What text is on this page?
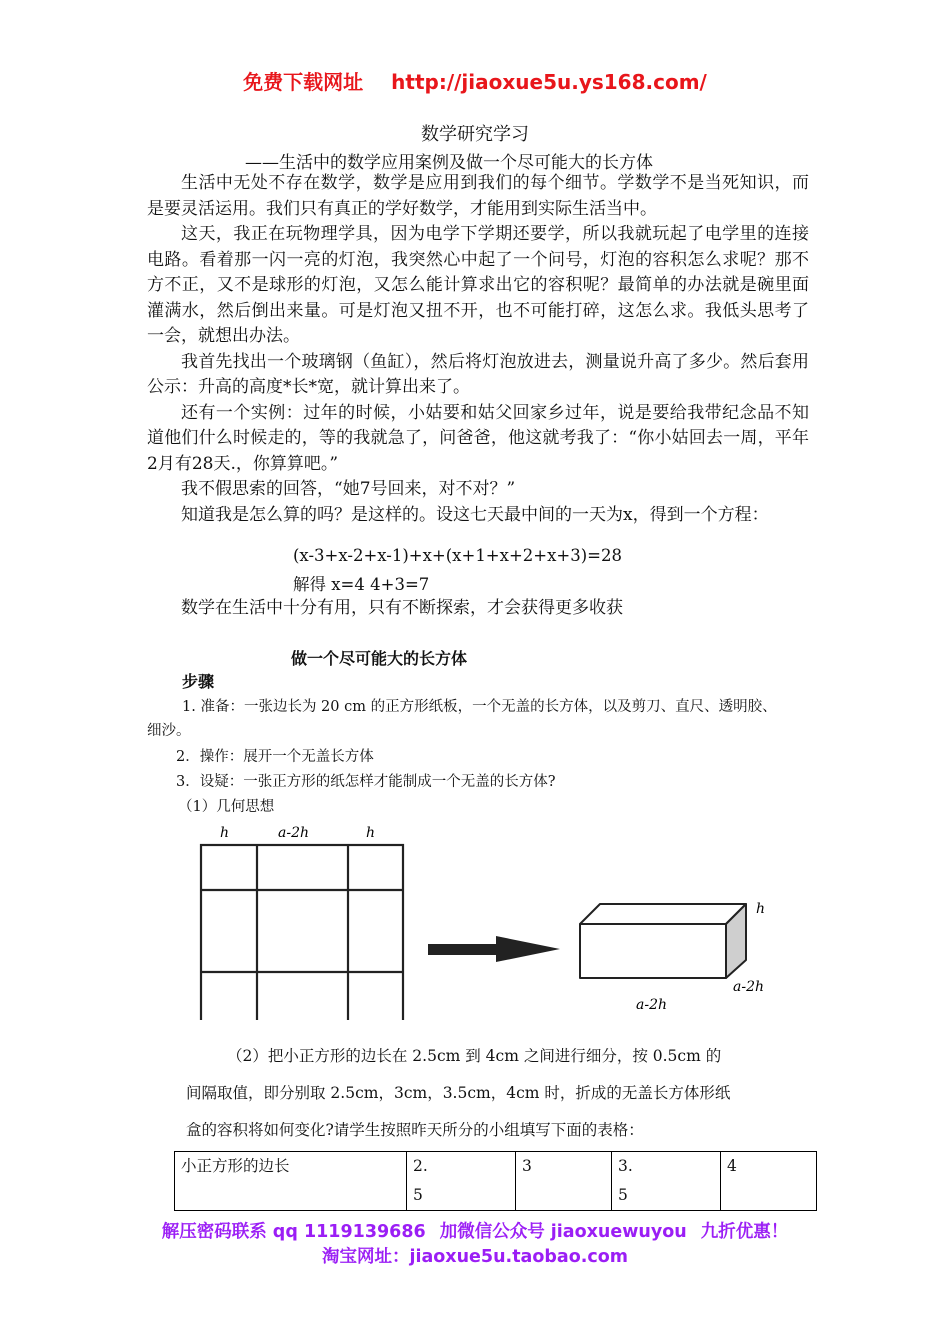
免费下载网址 http://jiaoxue5u.ys168.com/
数学研究学习
——生活中的数学应用案例及做一个尽可能大的长方体

生活中无处不存在数学，数学是应用到我们的每个细节。学数学不是当死知识，而是要灵活运用。我们只有真正的学好数学，才能用到实际生活当中。

这天，我正在玩物理学具，因为电学下学期还要学，所以我就玩起了电学里的连接电路。看着那一闪一亮的灯泡，我突然心中起了一个问号，灯泡的容积怎么求呢？那不方不正，又不是球形的灯泡，又怎么能计算求出它的容积呢？最简单的办法就是碗里面灌满水，然后倒出来量。可是灯泡又扭不开，也不可能打碎，这怎么求。我低头思考了一会，就想出办法。

我首先找出一个玻璃钢（鱼缸），然后将灯泡放进去，测量说升高了多少。然后套用公示：升高的高度*长*宽，就计算出来了。

还有一个实例：过年的时候，小姑要和姑父回家乡过年，说是要给我带纪念品不知道他们什么时候走的，等的我就急了，问爸爸，他这就考我了：“你小姑回去一周，平年2月有28天.，你算算吧。”

我不假思索的回答，“她7号回来，对不对？”

知道我是怎么算的吗？是这样的。设这七天最中间的一天为x，得到一个方程：

(x-3+x-2+x-1)+x+(x+1+x+2+x+3)=28
解得 x=4 4+3=7

数学在生活中十分有用，只有不断探索，才会获得更多收获

做一个尽可能大的长方体
步骤
1. 准备：一张边长为 20 cm 的正方形纸板，一个无盖的长方体，以及剪刀、直尺、透明胶、
细沙。
2．操作：展开一个无盖长方体
3．设疑：一张正方形的纸怎样才能制成一个无盖的长方体?
（1）几何思想
h	a-2h	h
h
a-2h
a-2h
（2）把小正方形的边长在 2.5cm 到 4cm 之间进行细分，按 0.5cm 的
间隔取值，即分别取 2.5cm，3cm，3.5cm，4cm 时，折成的无盖长方体形纸
盒的容积将如何变化?请学生按照昨天所分的小组填写下面的表格：
小正方形的边长	2.
5	3	3.
5	4

解压密码联系 qq 1119139686 加微信公众号 jiaoxuewuyou 九折优惠！
淘宝网址：jiaoxue5u.taobao.com
